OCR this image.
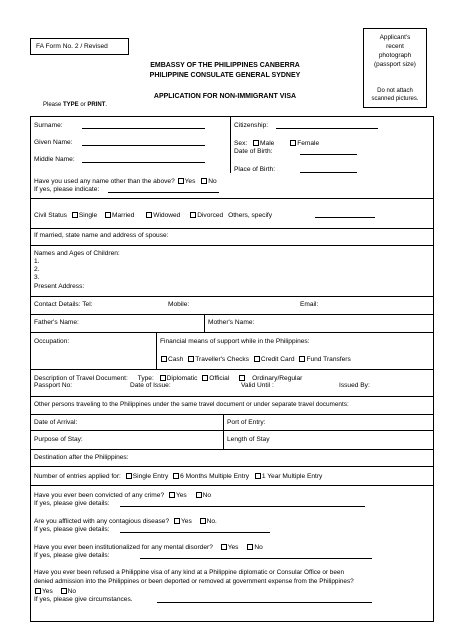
FA Form No. 2 / Revised
EMBASSY OF THE PHILIPPINES CANBERRA
PHILIPPINE CONSULATE GENERAL SYDNEY
APPLICATION FOR NON-IMMIGRANT VISA
Please TYPE or PRINT.
Applicant's
recent
photograph
(passport size)
Do not attach
scanned pictures.
Surname:
Given Name:
Middle Name:
Citizenship:
Sex: Male	Female
Date of Birth:
Place of Birth:
Have you used any name other than the above? Yes No
If yes, please indicate:
Civil Status Single Married	Widowed	Divorced Others, specify
If married, state name and address of spouse:
Names and Ages of Children:
1.
2.
3.
Present Address:
Contact Details: Tel:	Mobile:	Email:
Father's Name:	Mother's Name:
Occupation:	Financial means of support while in the Philippines:
Cash Traveller's Checks Credit Card Fund Transfers
Description of Travel Document: Type: Diplomatic Official	Ordinary/Regular
Passport No:	Date of Issue:	Valid Until :	Issued By:
Other persons traveling to the Philippines under the same travel document or under separate travel documents:
Date of Arrival:	Port of Entry:
Purpose of Stay:	Length of Stay
Destination after the Philippines:
Number of entries applied for: Single Entry 6 Months Multiple Entry 1 Year Multiple Entry
Have you ever been convicted of any crime? Yes No
If yes, please give details:
Are you afflicted with any contagious disease? Yes No.
If yes, please give details:
Have you ever been institutionalized for any mental disorder? Yes No
If yes, please give details:
Have you ever been refused a Philippine visa of any kind at a Philippine diplomatic or Consular Office or been
denied admission into the Philippines or been deported or removed at government expense from the Philippines?
Yes No
If yes, please give circumstances.
